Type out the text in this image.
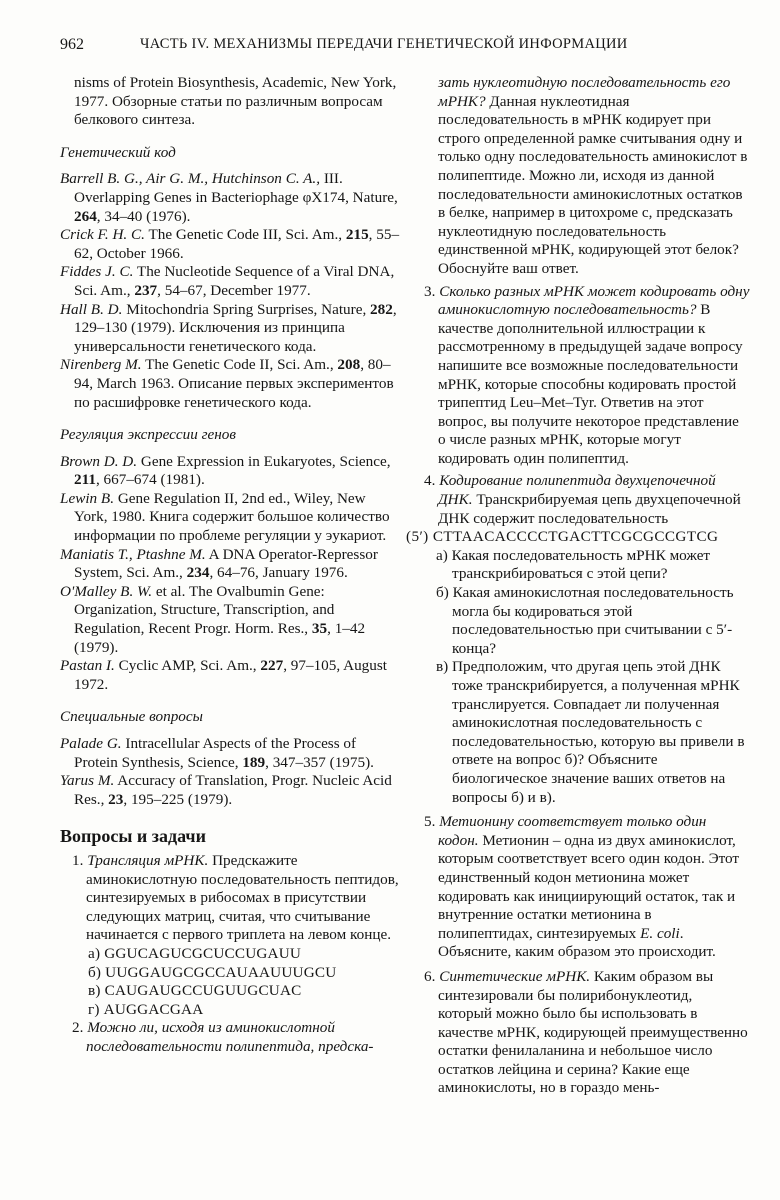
962	ЧАСТЬ IV. МЕХАНИЗМЫ ПЕРЕДАЧИ ГЕНЕТИЧЕСКОЙ ИНФОРМАЦИИ

nisms of Protein Biosynthesis, Academic, New York, 1977. Обзорные статьи по различным вопросам белкового синтеза.

Генетический код

Barrell B. G., Air G. M., Hutchinson C. A., III. Overlapping Genes in Bacteriophage φX174, Nature, 264, 34–40 (1976).

Crick F. H. C. The Genetic Code III, Sci. Am., 215, 55–62, October 1966.

Fiddes J. C. The Nucleotide Sequence of a Viral DNA, Sci. Am., 237, 54–67, December 1977.

Hall B. D. Mitochondria Spring Surprises, Nature, 282, 129–130 (1979). Исключения из принципа универсальности генетического кода.

Nirenberg M. The Genetic Code II, Sci. Am., 208, 80–94, March 1963. Описание первых экспериментов по расшифровке генетического кода.

Регуляция экспрессии генов

Brown D. D. Gene Expression in Eukaryotes, Science, 211, 667–674 (1981).

Lewin B. Gene Regulation II, 2nd ed., Wiley, New York, 1980. Книга содержит большое количество информации по проблеме регуляции у эукариот.

Maniatis T., Ptashne M. A DNA Operator-Repressor System, Sci. Am., 234, 64–76, January 1976.

O'Malley B. W. et al. The Ovalbumin Gene: Organization, Structure, Transcription, and Regulation, Recent Progr. Horm. Res., 35, 1–42 (1979).

Pastan I. Cyclic AMP, Sci. Am., 227, 97–105, August 1972.

Специальные вопросы

Palade G. Intracellular Aspects of the Process of Protein Synthesis, Science, 189, 347–357 (1975).

Yarus M. Accuracy of Translation, Progr. Nucleic Acid Res., 23, 195–225 (1979).

Вопросы и задачи

1. Трансляция мРНК. Предскажите аминокислотную последовательность пептидов, синтезируемых в рибосомах в присутствии следующих матриц, считая, что считывание начинается с первого триплета на левом конце.

а) GGUCAGUCGCUCCUGAUU

б) UUGGAUGCGCCAUAAUUUGCU

в) CAUGAUGCCUGUUGCUAC

г) AUGGACGAA

2. Можно ли, исходя из аминокислотной последовательности полипептида, предска-

зать нуклеотидную последовательность его мРНК? Данная нуклеотидная последовательность в мРНК кодирует при строго определенной рамке считывания одну и только одну последовательность аминокислот в полипептиде. Можно ли, исходя из данной последовательности аминокислотных остатков в белке, например в цитохроме c, предсказать нуклеотидную последовательность единственной мРНК, кодирующей этот белок? Обоснуйте ваш ответ.

3. Сколько разных мРНК может кодировать одну аминокислотную последовательность? В качестве дополнительной иллюстрации к рассмотренному в предыдущей задаче вопросу напишите все возможные последовательности мРНК, которые способны кодировать простой трипептид Leu–Met–Tyr. Ответив на этот вопрос, вы получите некоторое представление о числе разных мРНК, которые могут кодировать один полипептид.

4. Кодирование полипептида двухцепочечной ДНК. Транскрибируемая цепь двухцепочечной ДНК содержит последовательность

(5′) CTTAACACCCCTGACTTCGCGCCGTCG

а) Какая последовательность мРНК может транскрибироваться с этой цепи?

б) Какая аминокислотная последовательность могла бы кодироваться этой последовательностью при считывании с 5′-конца?

в) Предположим, что другая цепь этой ДНК тоже транскрибируется, а полученная мРНК транслируется. Совпадает ли полученная аминокислотная последовательность с последовательностью, которую вы привели в ответе на вопрос б)? Объясните биологическое значение ваших ответов на вопросы б) и в).

5. Метионину соответствует только один кодон. Метионин – одна из двух аминокислот, которым соответствует всего один кодон. Этот единственный кодон метионина может кодировать как инициирующий остаток, так и внутренние остатки метионина в полипептидах, синтезируемых E. coli. Объясните, каким образом это происходит.

6. Синтетические мРНК. Каким образом вы синтезировали бы полирибонуклеотид, который можно было бы использовать в качестве мРНК, кодирующей преимущественно остатки фенилаланина и небольшое число остатков лейцина и серина? Какие еще аминокислоты, но в гораздо мень-
